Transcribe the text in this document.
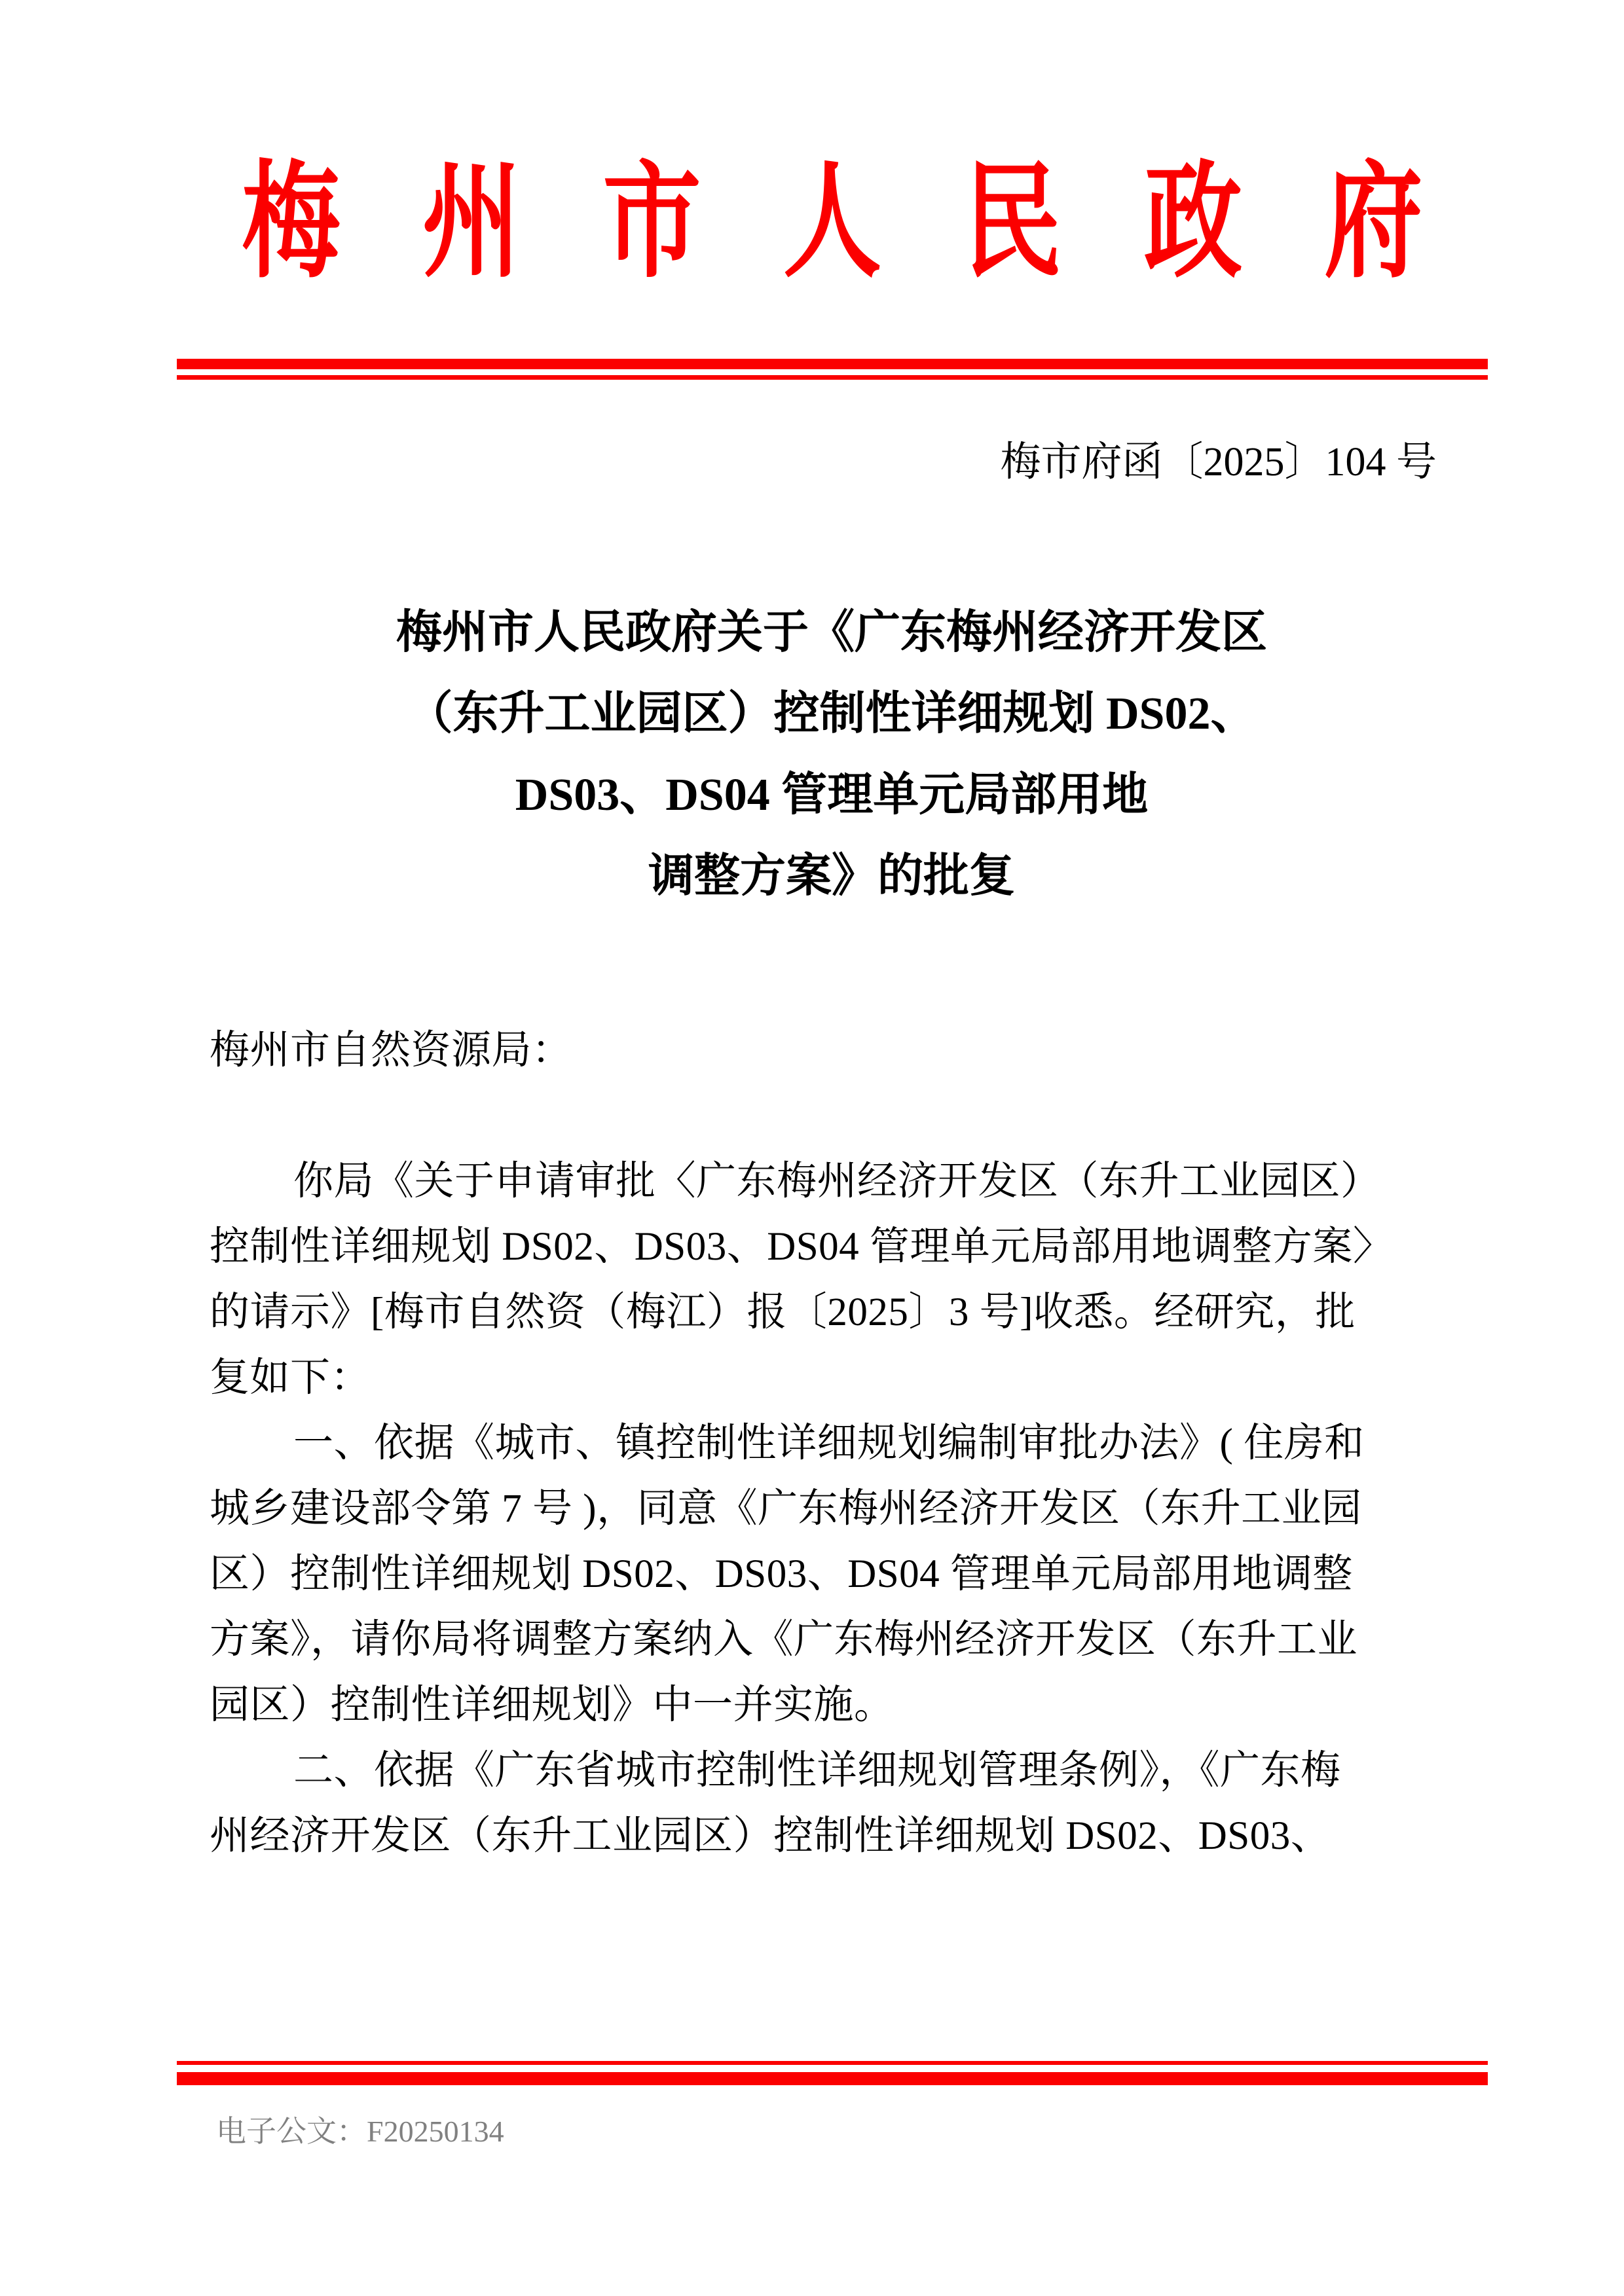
梅 州 市 人 民 政 府
梅市府函〔2025〕104 号
梅州市人民政府关于《广东梅州经济开发区
（东升工业园区）控制性详细规划 DS02、
DS03、DS04 管理单元局部用地
调整方案》的批复
梅州市自然资源局：
你局《关于申请审批〈广东梅州经济开发区（东升工业园区）
控制性详细规划 DS02、DS03、DS04 管理单元局部用地调整方案〉
的请示》[梅市自然资（梅江）报〔2025〕3 号]收悉。经研究，批
复如下：
一、依据《城市、镇控制性详细规划编制审批办法》( 住房和
城乡建设部令第 7 号 )，同意《广东梅州经济开发区（东升工业园
区）控制性详细规划 DS02、DS03、DS04 管理单元局部用地调整
方案》，请你局将调整方案纳入《广东梅州经济开发区（东升工业
园区）控制性详细规划》中一并实施。
二、依据《广东省城市控制性详细规划管理条例》，《广东梅
州经济开发区（东升工业园区）控制性详细规划 DS02、DS03、
电子公文：F20250134
